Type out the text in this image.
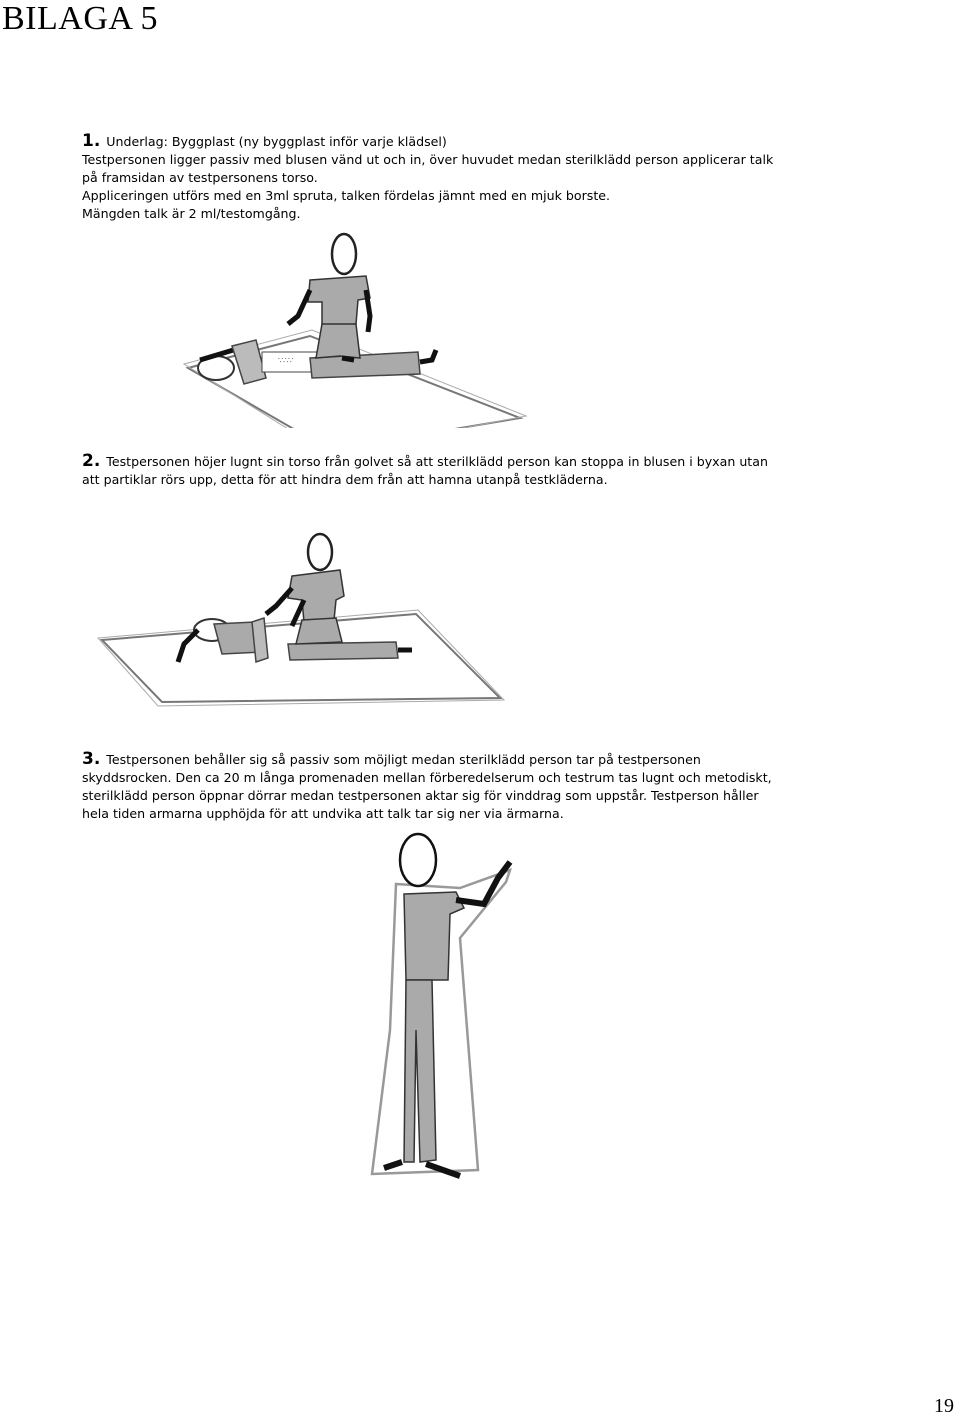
BILAGA 5

1. Underlag: Byggplast (ny byggplast inför varje klädsel)

Testpersonen ligger passiv med blusen vänd ut och in, över huvudet medan sterilklädd person applicerar talk

på framsidan av testpersonens torso.

Appliceringen utförs med en 3ml spruta, talken fördelas jämnt med en mjuk borste.

Mängden talk är 2 ml/testomgång.

∵∴∵

2. Testpersonen höjer lugnt sin torso från golvet så att sterilklädd person kan stoppa in blusen i byxan utan

att partiklar rörs upp, detta för att hindra dem från att hamna utanpå testkläderna.

3. Testpersonen behåller sig så passiv som möjligt medan sterilklädd person tar på testpersonen

skyddsrocken. Den ca 20 m långa promenaden mellan förberedelserum och testrum tas lugnt och metodiskt,

sterilklädd person öppnar dörrar medan testpersonen aktar sig för vinddrag som uppstår. Testperson håller

hela tiden armarna upphöjda för att undvika att talk tar sig ner via ärmarna.

19
